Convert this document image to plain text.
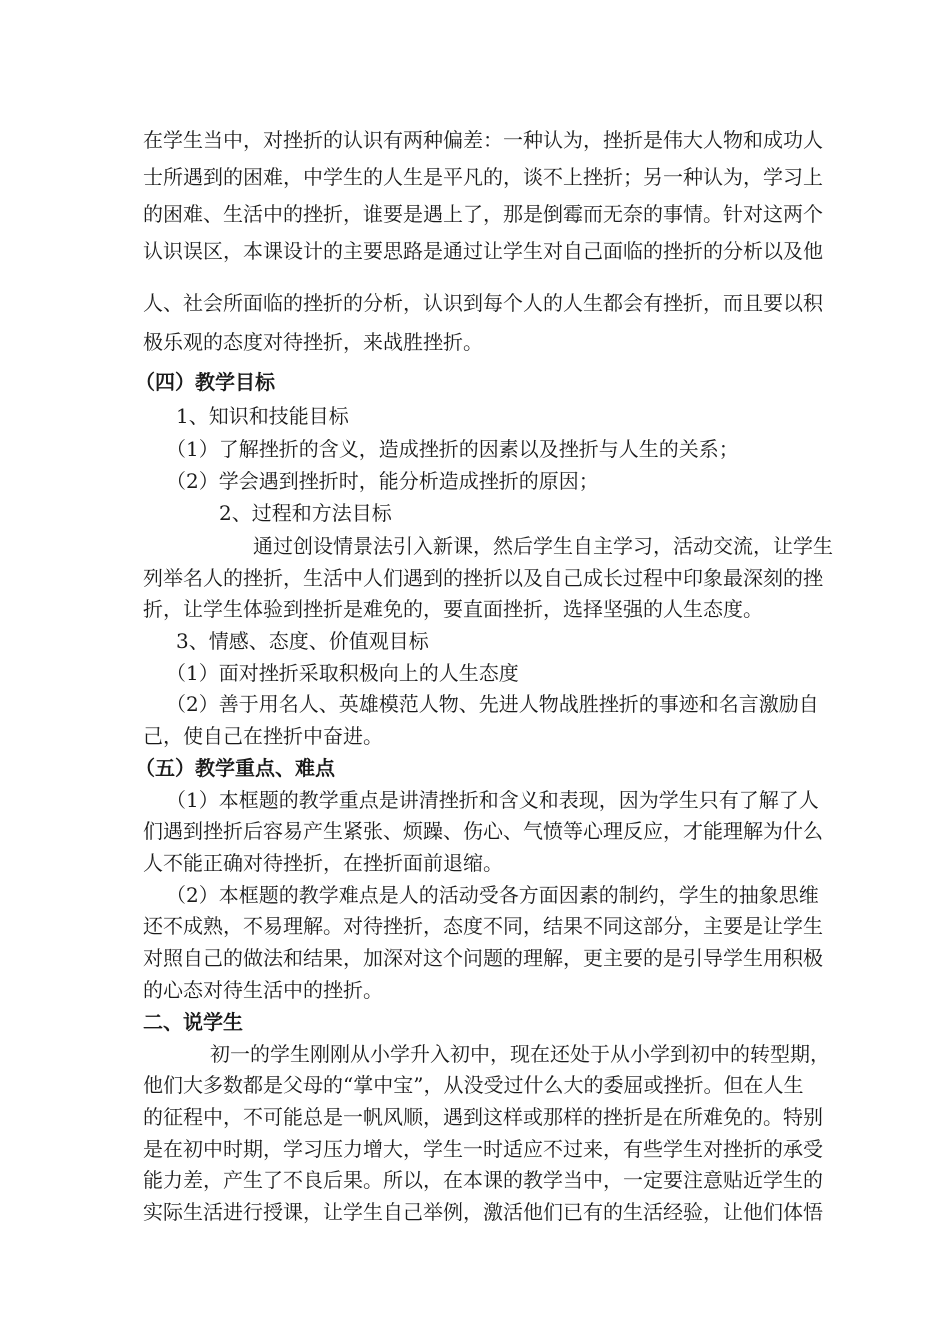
在学生当中，对挫折的认识有两种偏差：一种认为，挫折是伟大人物和成功人
士所遇到的困难，中学生的人生是平凡的，谈不上挫折；另一种认为，学习上
的困难、生活中的挫折，谁要是遇上了，那是倒霉而无奈的事情。针对这两个
认识误区，本课设计的主要思路是通过让学生对自己面临的挫折的分析以及他
人、社会所面临的挫折的分析，认识到每个人的人生都会有挫折，而且要以积
极乐观的态度对待挫折，来战胜挫折。
（四）教学目标
1、知识和技能目标
（1）了解挫折的含义，造成挫折的因素以及挫折与人生的关系；
（2）学会遇到挫折时，能分析造成挫折的原因；
2、过程和方法目标
通过创设情景法引入新课，然后学生自主学习，活动交流，让学生
列举名人的挫折，生活中人们遇到的挫折以及自己成长过程中印象最深刻的挫
折，让学生体验到挫折是难免的，要直面挫折，选择坚强的人生态度。
3、情感、态度、价值观目标
（1）面对挫折采取积极向上的人生态度
（2）善于用名人、英雄模范人物、先进人物战胜挫折的事迹和名言激励自
己，使自己在挫折中奋进。
（五）教学重点、难点
（1）本框题的教学重点是讲清挫折和含义和表现，因为学生只有了解了人
们遇到挫折后容易产生紧张、烦躁、伤心、气愤等心理反应，才能理解为什么
人不能正确对待挫折，在挫折面前退缩。
（2）本框题的教学难点是人的活动受各方面因素的制约，学生的抽象思维
还不成熟，不易理解。对待挫折，态度不同，结果不同这部分，主要是让学生
对照自己的做法和结果，加深对这个问题的理解，更主要的是引导学生用积极
的心态对待生活中的挫折。
二、说学生
初一的学生刚刚从小学升入初中，现在还处于从小学到初中的转型期，
他们大多数都是父母的“掌中宝”，从没受过什么大的委屈或挫折。但在人生
的征程中，不可能总是一帆风顺，遇到这样或那样的挫折是在所难免的。特别
是在初中时期，学习压力增大，学生一时适应不过来，有些学生对挫折的承受
能力差，产生了不良后果。所以，在本课的教学当中，一定要注意贴近学生的
实际生活进行授课，让学生自己举例，激活他们已有的生活经验，让他们体悟
